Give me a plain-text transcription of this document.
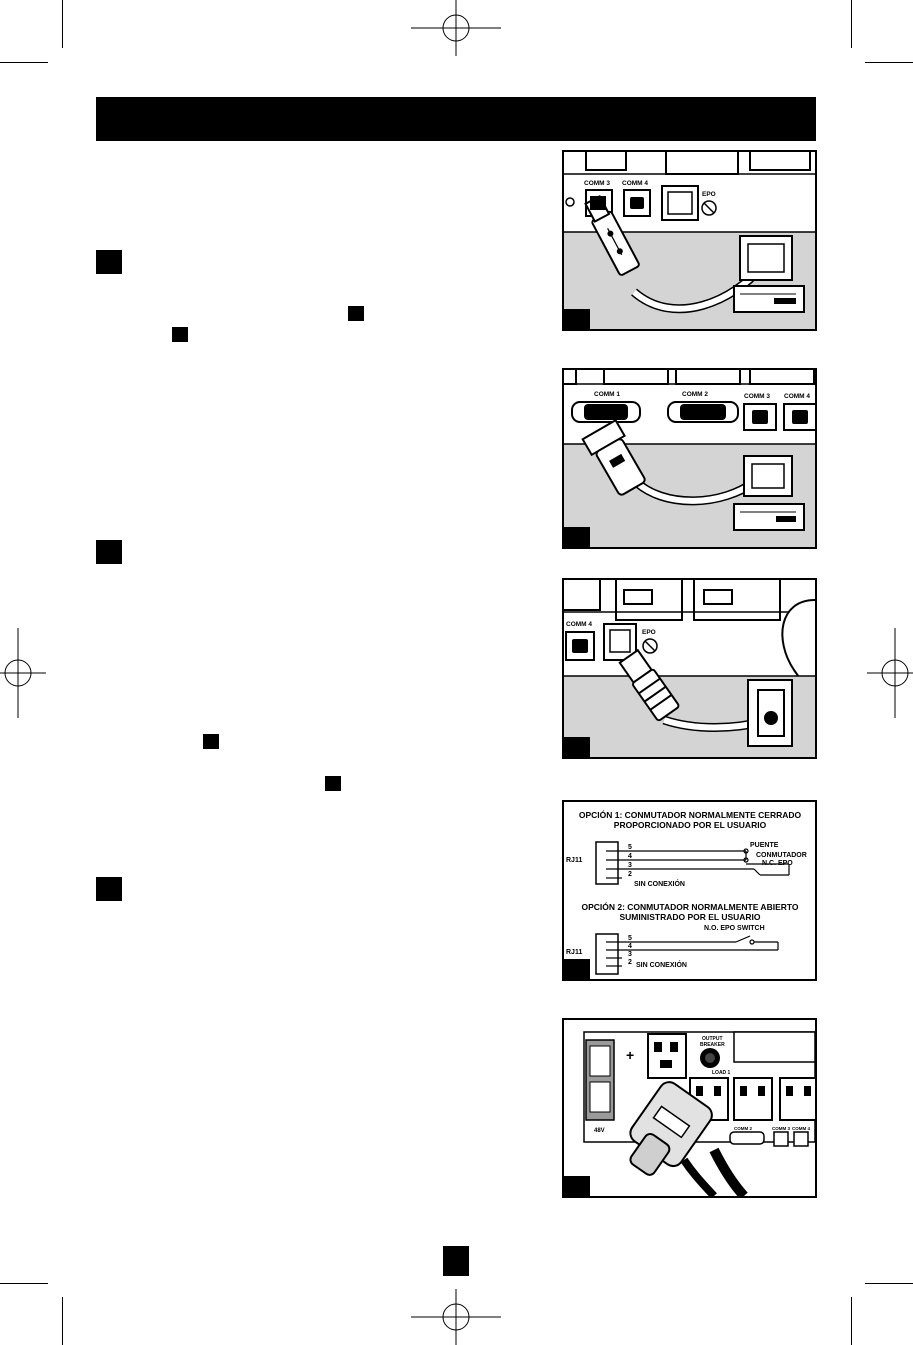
COMM 3 COMM 4
EPO
COMM 1	COMM 2	COMM 3 COMM 4
COMM 4
EPO
OPCIÓN 1: CONMUTADOR NORMALMENTE CERRADO
PROPORCIONADO POR EL USUARIO
RJ11
5
4
3
2
PUENTE
CONMUTADOR
N.C. EPO
SIN CONEXIÓN
OPCIÓN 2: CONMUTADOR NORMALMENTE ABIERTO
SUMINISTRADO POR EL USUARIO
N.O. EPO SWITCH
RJ11
5
4
3
2 SIN CONEXIÓN
+
48V
OUTPUT
BREAKER
LOAD 1
COMM 2	COMM 3 COMM 4
